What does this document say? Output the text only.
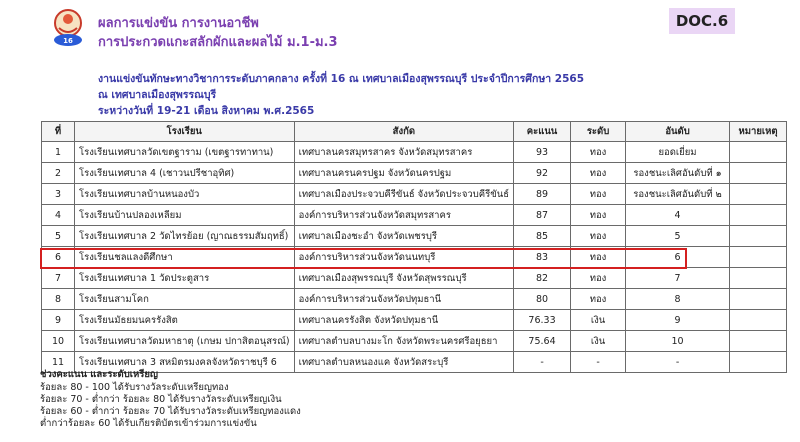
16
ผลการแข่งขัน การงานอาชีพ
การประกวดแกะสลักผักและผลไม้ ม.1-ม.3
DOC.6
งานแข่งขันทักษะทางวิชาการระดับภาคกลาง ครั้งที่ 16 ณ เทศบาลเมืองสุพรรณบุรี ประจำปีการศึกษา 2565
ณ เทศบาลเมืองสุพรรณบุรี
ระหว่างวันที่ 19-21 เดือน สิงหาคม พ.ศ.2565
ที่	โรงเรียน	สังกัด	คะแนน	ระดับ	อันดับ	หมายเหตุ
1	โรงเรียนเทศบาลวัดเขตฐาราม (เขตฐารทาทาน)	เทศบาลนครสมุทรสาคร จังหวัดสมุทรสาคร	93	ทอง	ยอดเยี่ยม	
2	โรงเรียนเทศบาล 4 (เชาวนปรีชาอุทิศ)	เทศบาลนครนครปฐม จังหวัดนครปฐม	92	ทอง	รองชนะเลิศอันดับที่ ๑	
3	โรงเรียนเทศบาลบ้านหนองบัว	เทศบาลเมืองประจวบคีรีขันธ์ จังหวัดประจวบคีรีขันธ์	89	ทอง	รองชนะเลิศอันดับที่ ๒	
4	โรงเรียนบ้านปลองเหลียม	องค์การบริหารส่วนจังหวัดสมุทรสาคร	87	ทอง	4	
5	โรงเรียนเทศบาล 2 วัดไทรย้อย (ญาณธรรมสัมฤทธิ์)	เทศบาลเมืองชะอำ จังหวัดเพชรบุรี	85	ทอง	5	
6	โรงเรียนชลแลงดีศึกษา	องค์การบริหารส่วนจังหวัดนนทบุรี	83	ทอง	6	
7	โรงเรียนเทศบาล 1 วัดประตูสาร	เทศบาลเมืองสุพรรณบุรี จังหวัดสุพรรณบุรี	82	ทอง	7	
8	โรงเรียนสามโคก	องค์การบริหารส่วนจังหวัดปทุมธานี	80	ทอง	8	
9	โรงเรียนมัธยมนครรังสิต	เทศบาลนครรังสิต จังหวัดปทุมธานี	76.33	เงิน	9	
10	โรงเรียนเทศบาลวัดมหาธาตุ (เกษม ปกาสิตอนุสรณ์)	เทศบาลตำบลบางมะโก จังหวัดพระนครศรีอยุธยา	75.64	เงิน	10	
11	โรงเรียนเทศบาล 3 สหมิตรมงคลจังหวัดราชบุรี 6	เทศบาลตำบลหนองแค จังหวัดสระบุรี	-	-	-	
ช่วงคะแนน และระดับเหรียญ
ร้อยละ 80 - 100 ได้รับรางวัลระดับเหรียญทอง
ร้อยละ 70 - ต่ำกว่า ร้อยละ 80 ได้รับรางวัลระดับเหรียญเงิน
ร้อยละ 60 - ต่ำกว่า ร้อยละ 70 ได้รับรางวัลระดับเหรียญทองแดง
ต่ำกว่าร้อยละ 60 ได้รับเกียรติบัตรเข้าร่วมการแข่งขัน
